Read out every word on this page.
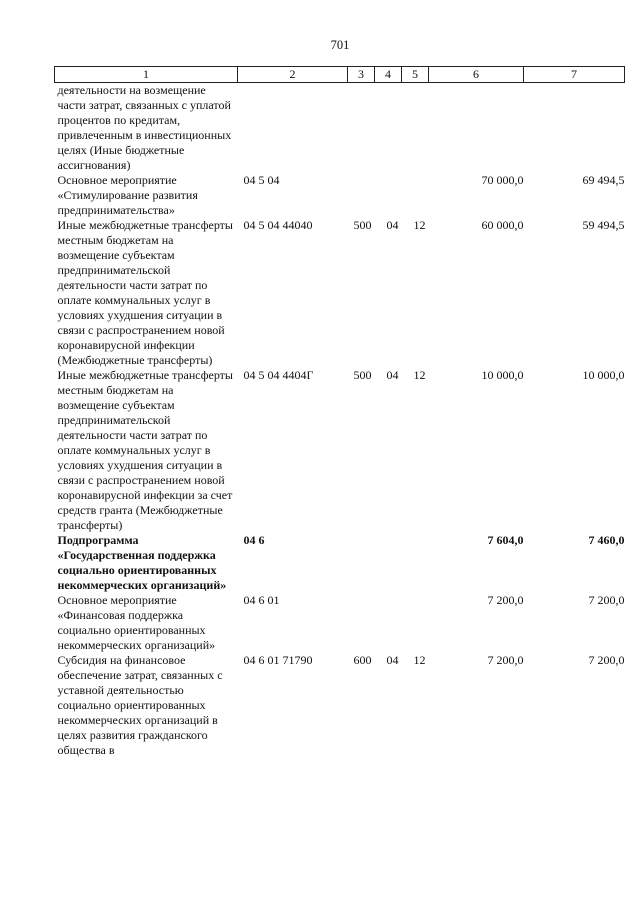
701
1	2	3	4	5	6	7
деятельности на возмещение части затрат, связанных с уплатой процентов по кредитам, привлеченным в инвестиционных целях (Иные бюджетные ассигнования)						
Основное мероприятие «Стимулирование развития предпринимательства»	04 5 04				70 000,0	69 494,5
Иные межбюджетные трансферты местным бюджетам на возмещение субъектам предпринимательской деятельности части затрат по оплате коммунальных услуг в условиях ухудшения ситуации в связи с распространением новой коронавирусной инфекции (Межбюджетные трансферты)	04 5 04 44040	500	04	12	60 000,0	59 494,5
Иные межбюджетные трансферты местным бюджетам на возмещение субъектам предпринимательской деятельности части затрат по оплате коммунальных услуг в условиях ухудшения ситуации в связи с распространением новой коронавирусной инфекции за счет средств гранта (Межбюджетные трансферты)	04 5 04 4404Г	500	04	12	10 000,0	10 000,0
Подпрограмма «Государственная поддержка социально ориентированных некоммерческих организаций»	04 6				7 604,0	7 460,0
Основное мероприятие «Финансовая поддержка социально ориентированных некоммерческих организаций»	04 6 01				7 200,0	7 200,0
Субсидия на финансовое обеспечение затрат, связанных с уставной деятельностью социально ориентированных некоммерческих организаций в целях развития гражданского общества в	04 6 01 71790	600	04	12	7 200,0	7 200,0
